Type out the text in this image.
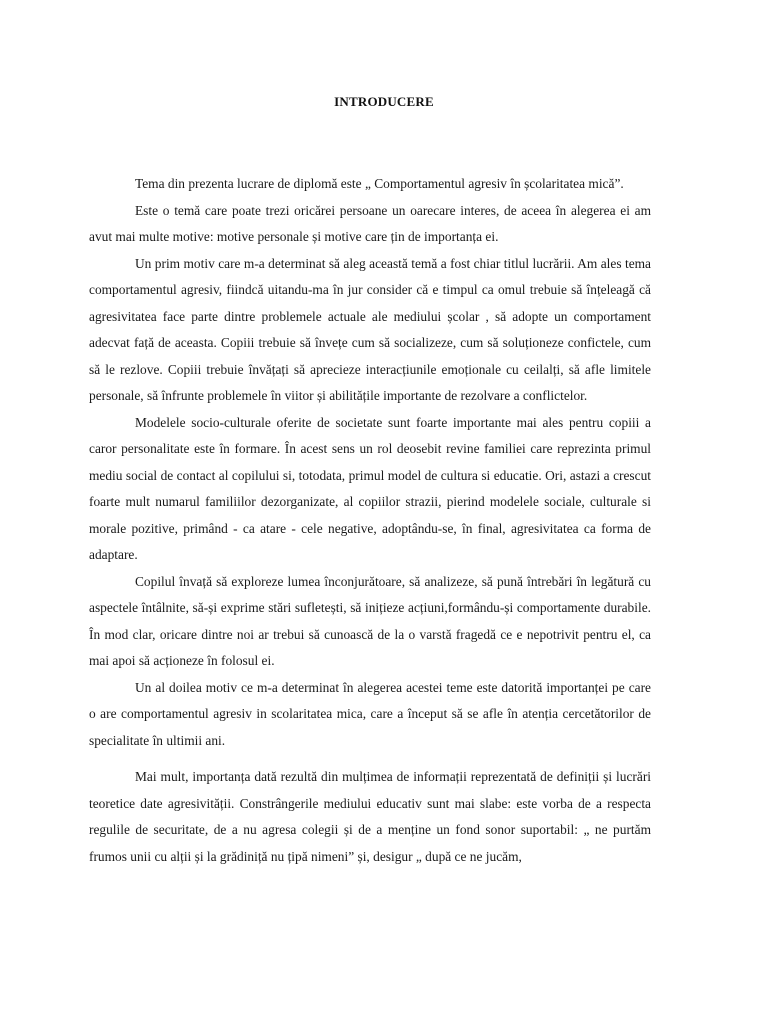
INTRODUCERE

Tema din prezenta lucrare de diplomă este „ Comportamentul agresiv în școlaritatea mică”.

Este o temă care poate trezi oricărei persoane un oarecare interes, de aceea în alegerea ei am avut mai multe motive: motive personale și motive care țin de importanța ei.

Un prim motiv care m-a determinat să aleg această temă a fost chiar titlul lucrării. Am ales tema comportamentul agresiv, fiindcă uitandu-ma în jur consider că e timpul ca omul trebuie să înțeleagă că agresivitatea face parte dintre problemele actuale ale mediului școlar , să adopte un comportament adecvat față de aceasta. Copiii trebuie să învețe cum să socializeze, cum să soluționeze confictele, cum să le rezlove. Copiii trebuie învățați să aprecieze interacțiunile emoționale cu ceilalți, să afle limitele personale, să înfrunte problemele în viitor și abilitățile importante de rezolvare a conflictelor.

Modelele socio-culturale oferite de societate sunt foarte importante mai ales pentru copiii a caror personalitate este în formare. În acest sens un rol deosebit revine familiei care reprezinta primul mediu social de contact al copilului si, totodata, primul model de cultura si educatie. Ori, astazi a crescut foarte mult numarul familiilor dezorganizate, al copiilor strazii, pierind modelele sociale, culturale si morale pozitive, primând - ca atare - cele negative, adoptându-se, în final, agresivitatea ca forma de adaptare.

Copilul învață să exploreze lumea înconjurătoare, să analizeze, să pună întrebări în legătură cu aspectele întâlnite, să-și exprime stări sufletești, să inițieze acțiuni,formându-și comportamente durabile. În mod clar, oricare dintre noi ar trebui să cunoască de la o varstă fragedă ce e nepotrivit pentru el, ca mai apoi să acționeze în folosul ei.

Un al doilea motiv ce m-a determinat în alegerea acestei teme este datorită importanței pe care o are comportamentul agresiv in scolaritatea mica, care a început să se afle în atenția cercetătorilor de specialitate în ultimii ani.

Mai mult, importanța dată rezultă din mulțimea de informații reprezentată de definiții și lucrări teoretice date agresivității. Constrângerile mediului educativ sunt mai slabe: este vorba de a respecta regulile de securitate, de a nu agresa colegii și de a menține un fond sonor suportabil: „ ne purtăm frumos unii cu alții și la grădiniță nu țipă nimeni” și, desigur „ după ce ne jucăm,
